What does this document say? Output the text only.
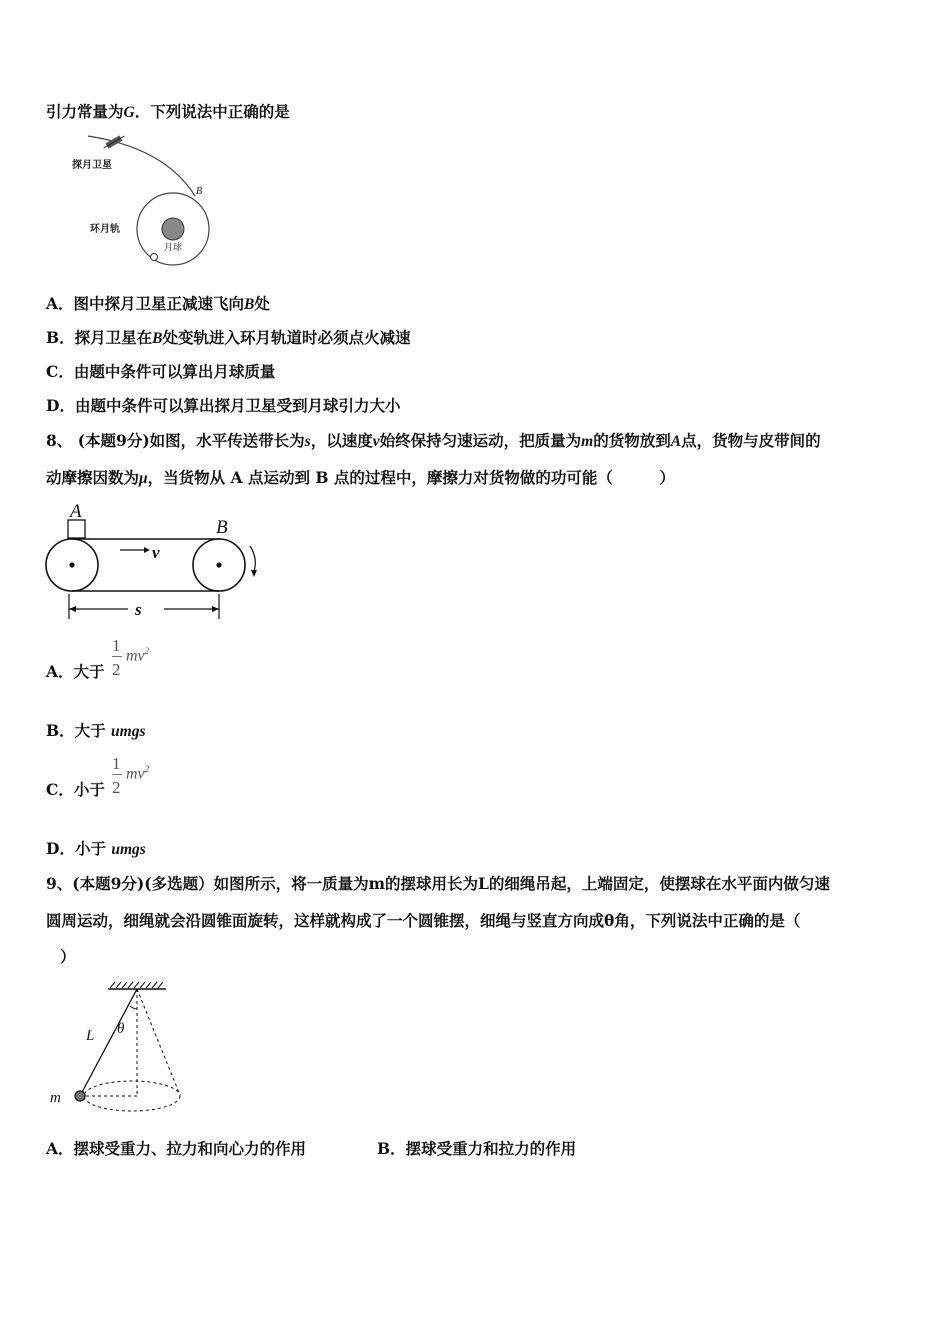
引力常量为G．下列说法中正确的是
探月卫星
环月轨
月球
B
A．图中探月卫星正减速飞向B处
B．探月卫星在B处变轨进入环月轨道时必须点火减速
C．由题中条件可以算出月球质量
D．由题中条件可以算出探月卫星受到月球引力大小
8、 (本题9分)如图，水平传送带长为s，以速度v始终保持匀速运动，把质量为m的货物放到A点，货物与皮带间的
动摩擦因数为μ，当货物从 A 点运动到 B 点的过程中，摩擦力对货物做的功可能（　　　）
A
B
v
s
A．大于
1
2
$mv^2$
B．大于 umgs
C．小于
1
2
$mv^2$
D．小于 umgs
9、(本题9分)(多选题）如图所示，将一质量为m的摆球用长为L的细绳吊起，上端固定，使摆球在水平面内做匀速
圆周运动，细绳就会沿圆锥面旋转，这样就构成了一个圆锥摆，细绳与竖直方向成θ角，下列说法中正确的是（
）
L θ
m
A．摆球受重力、拉力和向心力的作用	B．摆球受重力和拉力的作用
